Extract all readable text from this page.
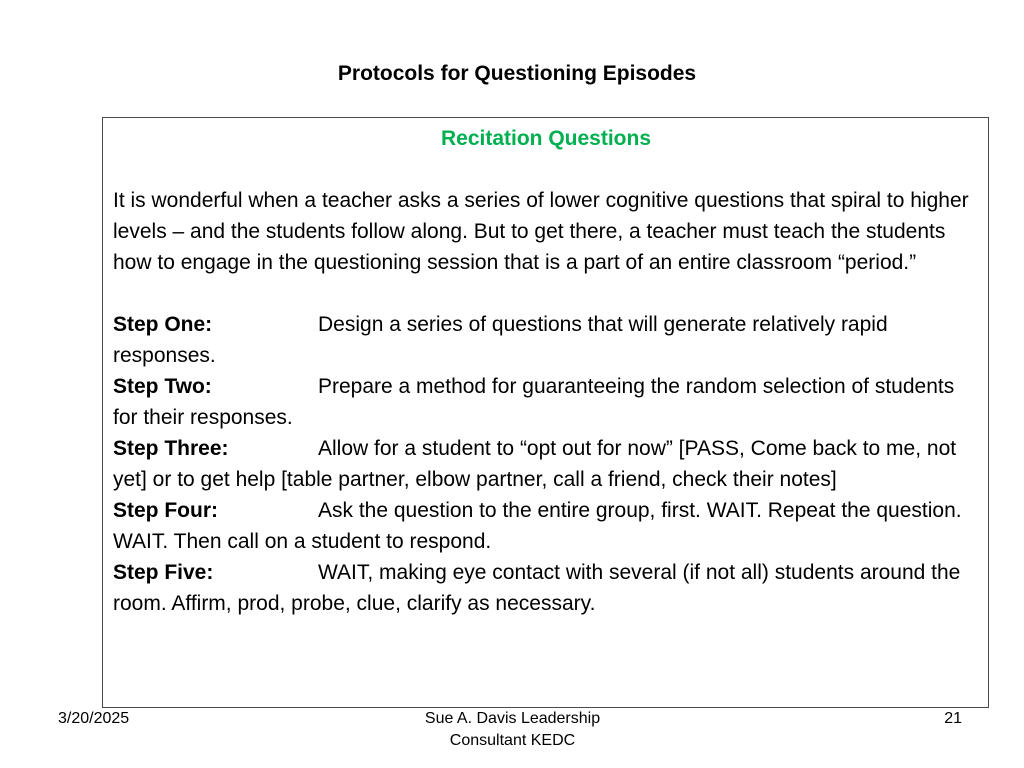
Protocols for Questioning Episodes
Recitation Questions

It is wonderful when a teacher asks a series of lower cognitive questions that spiral to higher levels – and the students follow along. But to get there, a teacher must teach the students how to engage in the questioning session that is a part of an entire classroom “period.”

Step One:	Design a series of questions that will generate relatively rapid responses.

Step Two:	Prepare a method for guaranteeing the random selection of students for their responses.

Step Three:	Allow for a student to “opt out for now” [PASS, Come back to me, not yet] or to get help [table partner, elbow partner, call a friend, check their notes]

Step Four:	Ask the question to the entire group, first. WAIT. Repeat the question. WAIT. Then call on a student to respond.

Step Five:	WAIT, making eye contact with several (if not all) students around the room. Affirm, prod, probe, clue, clarify as necessary.

3/20/2025	Sue A. Davis Leadership
Consultant KEDC
21
